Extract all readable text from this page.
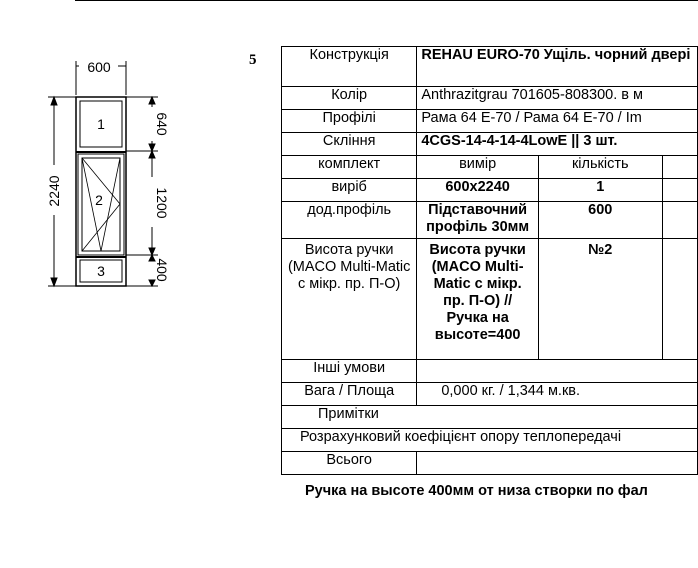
600
2240
1
2
3
640
1200
400
5	Конструкція	REHAU EURO-70 Ущіль. чорний двері		
Колір	Anthrazitgrau 701605-808300. в м		
Профілі	Рама 64 E-70 / Рама 64 E-70 / Im		
Скління	4CGS-14-4-14-4LowE || 3 шт.		
комплект	вимір	кількість	
виріб	600x2240	1	
дод.профіль	Підставочний профіль 30мм	600	
Висота ручки (MACO Multi-Matic с мікр. пр. П-О)	Висота ручки (MACO Multi-Matic с мікр. пр. П-О) // Ручка на высоте=400	№2	
Інші умови			
Вага / Площа	0,000 кг. / 1,344 м.кв.		
Примітки			
Розрахунковий коефіцієнт опору теплопередачі			
Всього			
Ручка на высоте 400мм от низа створки по фал
